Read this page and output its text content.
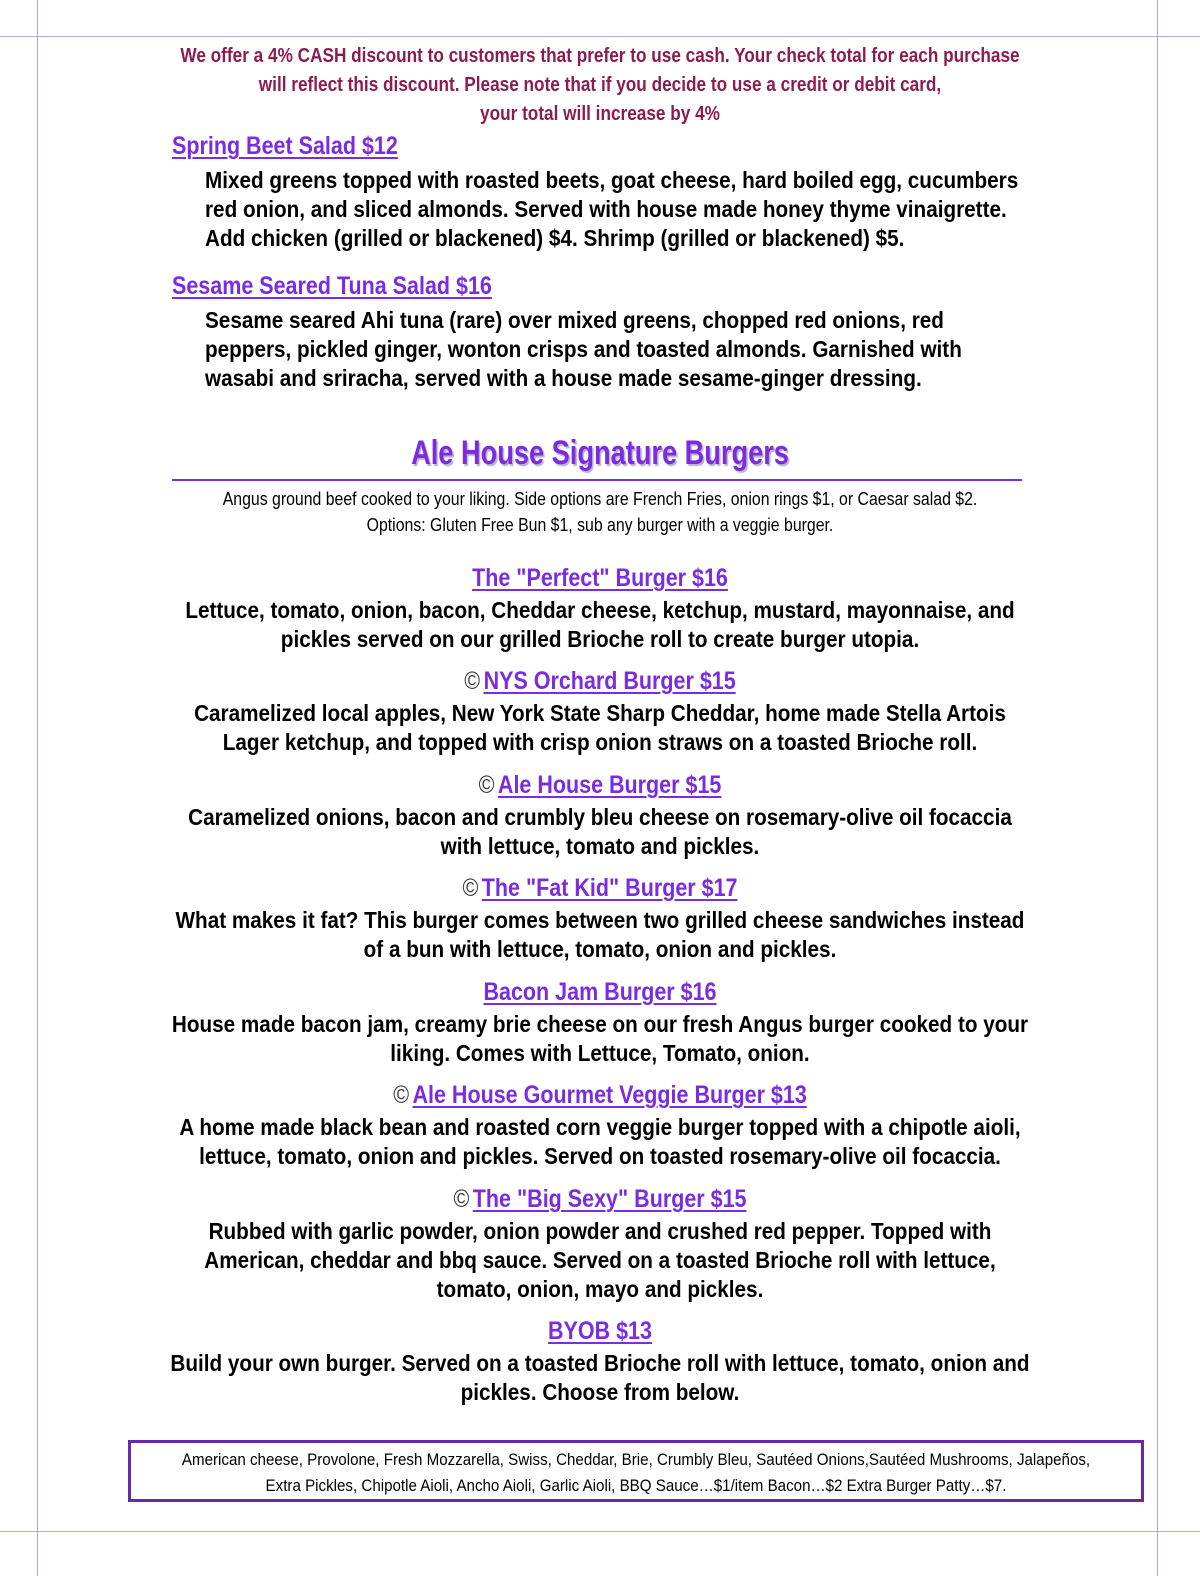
We offer a 4% CASH discount to customers that prefer to use cash. Your check total for each purchase
will reflect this discount. Please note that if you decide to use a credit or debit card,
your total will increase by 4%
Spring Beet Salad $12
Mixed greens topped with roasted beets, goat cheese, hard boiled egg, cucumbers
red onion, and sliced almonds. Served with house made honey thyme vinaigrette.
Add chicken (grilled or blackened) $4. Shrimp (grilled or blackened) $5.
Sesame Seared Tuna Salad $16
Sesame seared Ahi tuna (rare) over mixed greens, chopped red onions, red
peppers, pickled ginger, wonton crisps and toasted almonds. Garnished with
wasabi and sriracha, served with a house made sesame-ginger dressing.
Ale House Signature Burgers
Angus ground beef cooked to your liking. Side options are French Fries, onion rings $1, or Caesar salad $2.
Options: Gluten Free Bun $1, sub any burger with a veggie burger.
The "Perfect" Burger $16
Lettuce, tomato, onion, bacon, Cheddar cheese, ketchup, mustard, mayonnaise, and
pickles served on our grilled Brioche roll to create burger utopia.
© NYS Orchard Burger $15
Caramelized local apples, New York State Sharp Cheddar, home made Stella Artois
Lager ketchup, and topped with crisp onion straws on a toasted Brioche roll.
© Ale House Burger $15
Caramelized onions, bacon and crumbly bleu cheese on rosemary-olive oil focaccia
with lettuce, tomato and pickles.
© The "Fat Kid" Burger $17
What makes it fat? This burger comes between two grilled cheese sandwiches instead
of a bun with lettuce, tomato, onion and pickles.
Bacon Jam Burger $16
House made bacon jam, creamy brie cheese on our fresh Angus burger cooked to your
liking. Comes with Lettuce, Tomato, onion.
© Ale House Gourmet Veggie Burger $13
A home made black bean and roasted corn veggie burger topped with a chipotle aioli,
lettuce, tomato, onion and pickles. Served on toasted rosemary-olive oil focaccia.
© The "Big Sexy" Burger $15
Rubbed with garlic powder, onion powder and crushed red pepper. Topped with
American, cheddar and bbq sauce. Served on a toasted Brioche roll with lettuce,
tomato, onion, mayo and pickles.
BYOB $13
Build your own burger. Served on a toasted Brioche roll with lettuce, tomato, onion and
pickles. Choose from below.
American cheese, Provolone, Fresh Mozzarella, Swiss, Cheddar, Brie, Crumbly Bleu, Sautéed Onions,Sautéed Mushrooms, Jalapeños,
Extra Pickles, Chipotle Aioli, Ancho Aioli, Garlic Aioli, BBQ Sauce…$1/item Bacon…$2 Extra Burger Patty…$7.
